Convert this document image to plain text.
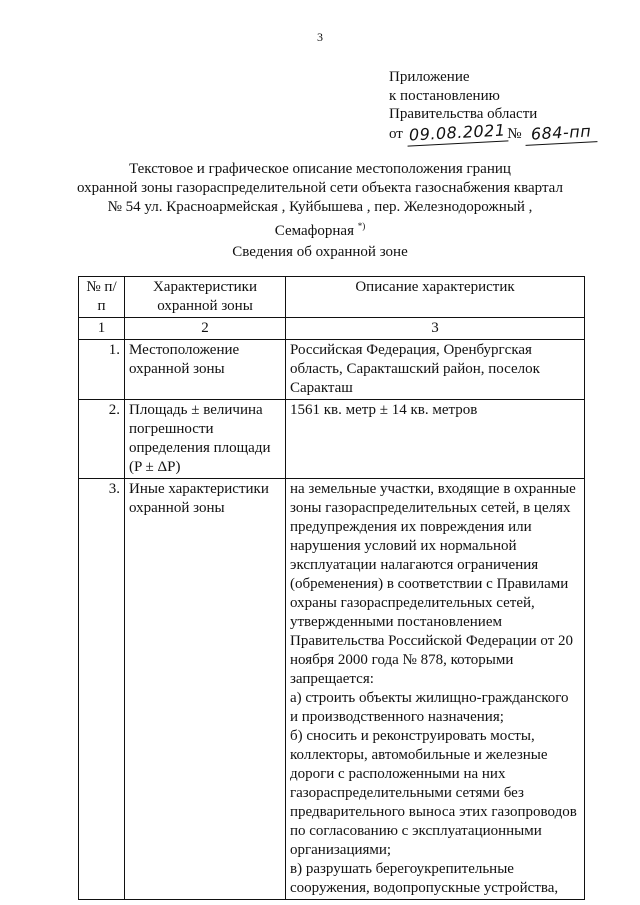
3
Приложение
к постановлению
Правительства области
от 09.08.2021 № 684-пп
Текстовое и графическое описание местоположения границ
охранной зоны газораспределительной сети объекта газоснабжения квартал
№ 54 ул. Красноармейская , Куйбышева , пер. Железнодорожный ,
Семафорная *)
Сведения об охранной зоне
№ п/п	Характеристики охранной зоны	Описание характеристик
1	2	3
1.	Местоположение охранной зоны	Российская Федерация, Оренбургская область, Саракташский район, поселок Саракташ
2.	Площадь ± величина погрешности определения площади (P ± ΔP)	1561 кв. метр ± 14 кв. метров
3.	Иные характеристики охранной зоны	на земельные участки, входящие в охранные зоны газораспределительных сетей, в целях предупреждения их повреждения или нарушения условий их нормальной эксплуатации налагаются ограничения (обременения) в соответствии с Правилами охраны газораспределительных сетей, утвержденными постановлением Правительства Российской Федерации от 20 ноября 2000 года № 878, которыми запрещается:
а) строить объекты жилищно-гражданского и производственного назначения;
б) сносить и реконструировать мосты, коллекторы, автомобильные и железные дороги с расположенными на них газораспределительными сетями без предварительного выноса этих газопроводов по согласованию с эксплуатационными организациями;
в) разрушать берегоукрепительные сооружения, водопропускные устройства,
